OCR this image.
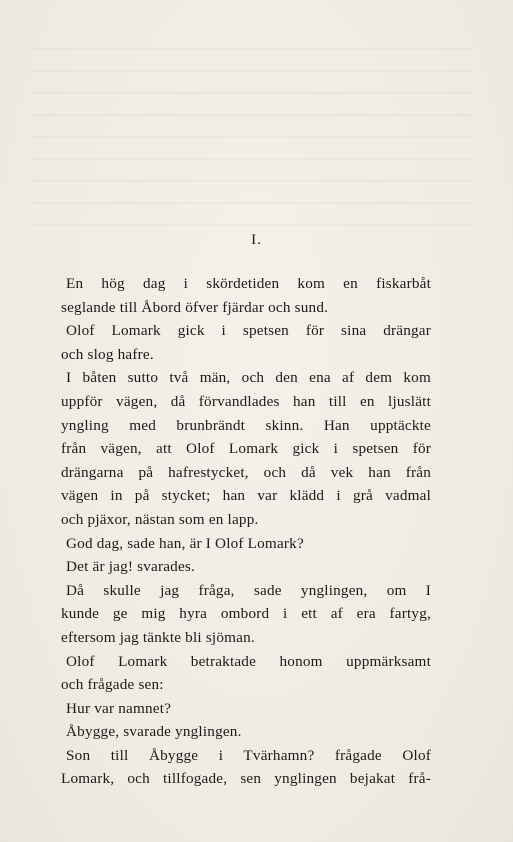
I.
En hög dag i skördetiden kom en fiskarbåt
seglande till Åbord öfver fjärdar och sund.
Olof Lomark gick i spetsen för sina drängar
och slog hafre.
I båten sutto två män, och den ena af dem kom
uppför vägen, då förvandlades han till en ljuslätt
yngling med brunbrändt skinn. Han upptäckte
från vägen, att Olof Lomark gick i spetsen för
drängarna på hafrestycket, och då vek han från
vägen in på stycket; han var klädd i grå vadmal
och pjäxor, nästan som en lapp.
God dag, sade han, är I Olof Lomark?
Det är jag! svarades.
Då skulle jag fråga, sade ynglingen, om I
kunde ge mig hyra ombord i ett af era fartyg,
eftersom jag tänkte bli sjöman.
Olof Lomark betraktade honom uppmärksamt
och frågade sen:
Hur var namnet?
Åbygge, svarade ynglingen.
Son till Åbygge i Tvärhamn? frågade Olof
Lomark, och tillfogade, sen ynglingen bejakat frå-
